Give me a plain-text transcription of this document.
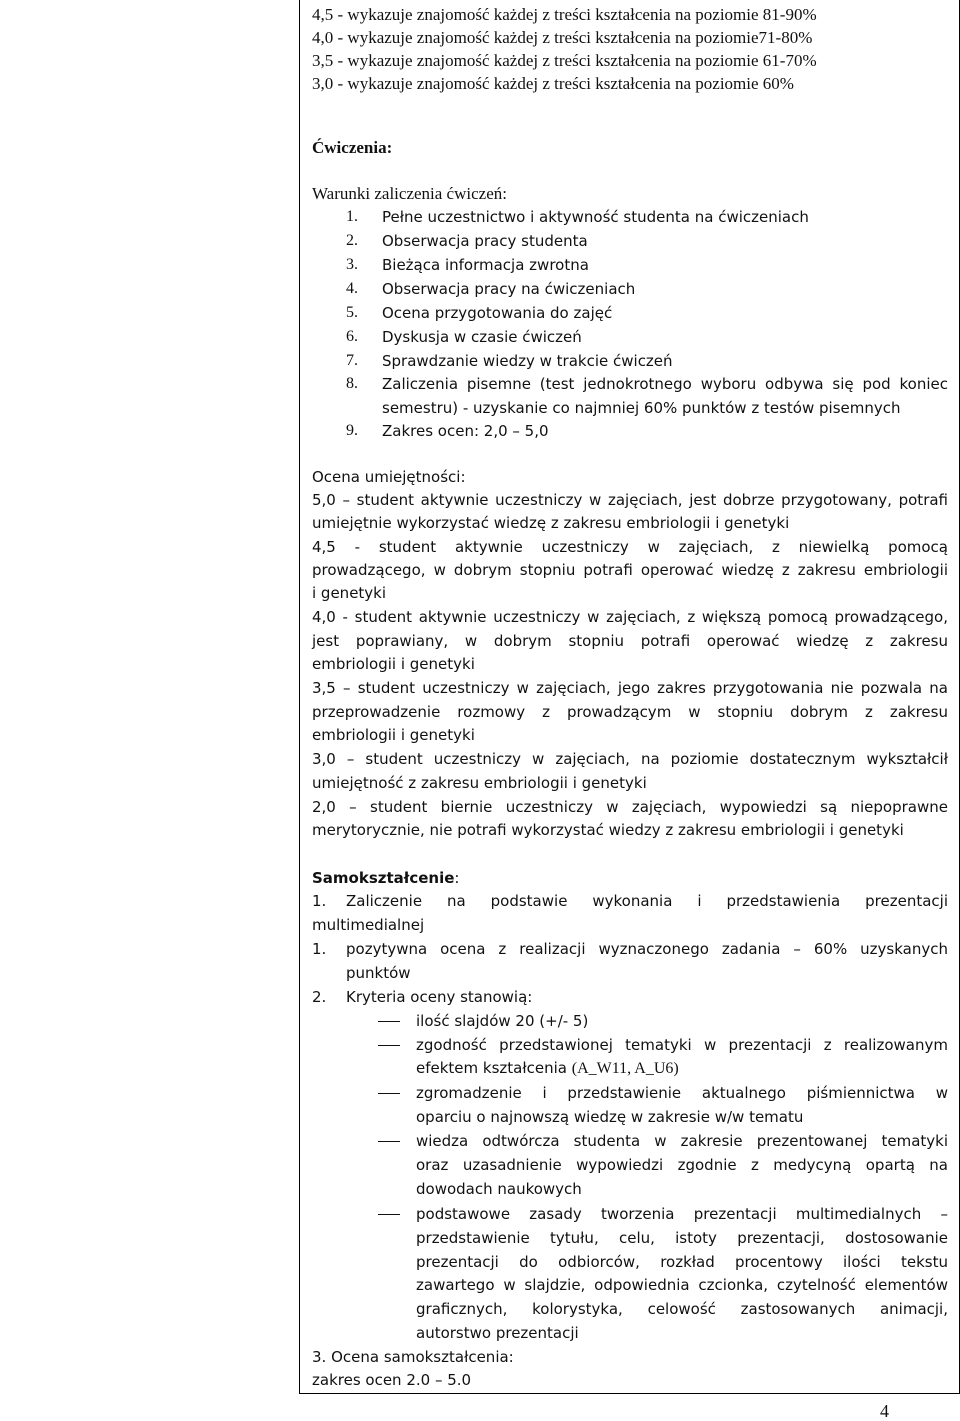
4,5 - wykazuje znajomość każdej z treści kształcenia na poziomie 81-90%
4,0 - wykazuje znajomość każdej z treści kształcenia na poziomie71-80%
3,5 - wykazuje znajomość każdej z treści kształcenia na poziomie 61-70%
3,0 - wykazuje znajomość każdej z treści kształcenia na poziomie 60%
Ćwiczenia:
Warunki zaliczenia ćwiczeń:
1. Pełne uczestnictwo i aktywność studenta na ćwiczeniach
2. Obserwacja pracy studenta
3. Bieżąca informacja zwrotna
4. Obserwacja pracy na ćwiczeniach
5. Ocena przygotowania do zajęć
6. Dyskusja w czasie ćwiczeń
7. Sprawdzanie wiedzy w trakcie ćwiczeń
8. Zaliczenia pisemne (test jednokrotnego wyboru odbywa się pod koniec
semestru) - uzyskanie co najmniej 60% punktów z testów pisemnych
9. Zakres ocen: 2,0 – 5,0
Ocena umiejętności:
5,0 – student aktywnie uczestniczy w zajęciach, jest dobrze przygotowany, potrafi
umiejętnie wykorzystać wiedzę z zakresu embriologii i genetyki
4,5 - student aktywnie uczestniczy w zajęciach, z niewielką pomocą
prowadzącego, w dobrym stopniu potrafi operować wiedzę z zakresu embriologii
i genetyki
4,0 - student aktywnie uczestniczy w zajęciach, z większą pomocą prowadzącego,
jest poprawiany, w dobrym stopniu potrafi operować wiedzę z zakresu
embriologii i genetyki
3,5 – student uczestniczy w zajęciach, jego zakres przygotowania nie pozwala na
przeprowadzenie rozmowy z prowadzącym w stopniu dobrym z zakresu
embriologii i genetyki
3,0 – student uczestniczy w zajęciach, na poziomie dostatecznym wykształcił
umiejętność z zakresu embriologii i genetyki
2,0 – student biernie uczestniczy w zajęciach, wypowiedzi są niepoprawne
merytorycznie, nie potrafi wykorzystać wiedzy z zakresu embriologii i genetyki
Samokształcenie:
1. Zaliczenie na podstawie wykonania i przedstawienia prezentacji
multimedialnej
1. pozytywna ocena z realizacji wyznaczonego zadania – 60% uzyskanych
punktów
2. Kryteria oceny stanowią:
ilość slajdów 20 (+/- 5)
zgodność przedstawionej tematyki w prezentacji z realizowanym
efektem kształcenia (A_W11, A_U6)
zgromadzenie i przedstawienie aktualnego piśmiennictwa w
oparciu o najnowszą wiedzę w zakresie w/w tematu
wiedza odtwórcza studenta w zakresie prezentowanej tematyki
oraz uzasadnienie wypowiedzi zgodnie z medycyną opartą na
dowodach naukowych
podstawowe zasady tworzenia prezentacji multimedialnych –
przedstawienie tytułu, celu, istoty prezentacji, dostosowanie
prezentacji do odbiorców, rozkład procentowy ilości tekstu
zawartego w slajdzie, odpowiednia czcionka, czytelność elementów
graficznych, kolorystyka, celowość zastosowanych animacji,
autorstwo prezentacji
3. Ocena samokształcenia:
zakres ocen 2.0 – 5.0
4
